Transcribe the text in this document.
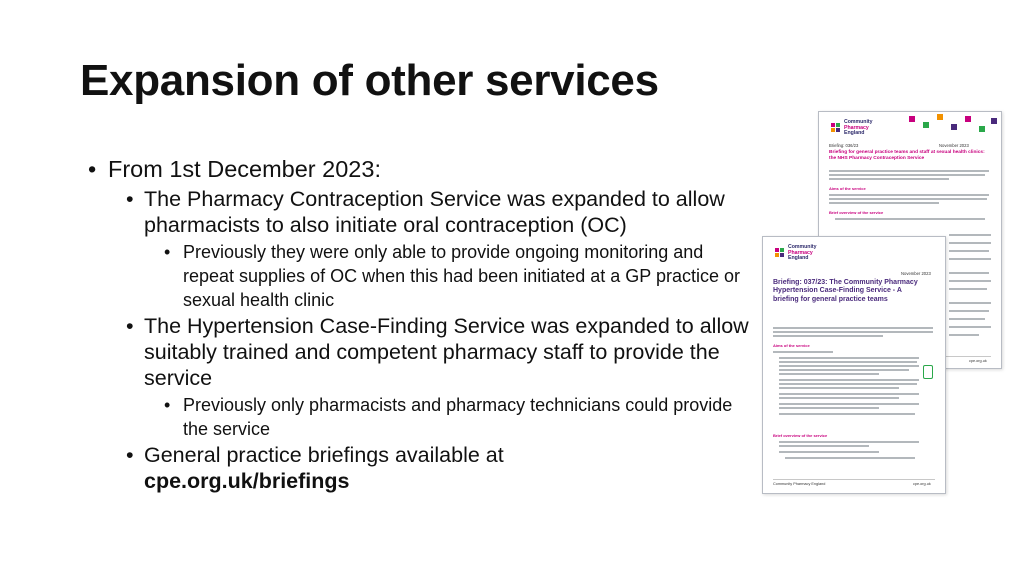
Expansion of other services
• From 1st December 2023:
• The Pharmacy Contraception Service was expanded to allow pharmacists to also initiate oral contraception (OC)
• Previously they were only able to provide ongoing monitoring and repeat supplies of OC when this had been initiated at a GP practice or sexual health clinic
• The Hypertension Case-Finding Service was expanded to allow suitably trained and competent pharmacy staff to provide the service
• Previously only pharmacists and pharmacy technicians could provide the service
• General practice briefings available at
cpe.org.uk/briefings
Community
Pharmacy
England
Briefing: 036/23	November 2023
Briefing for general practice teams and staff at sexual health clinics: the NHS Pharmacy Contraception Service
Aims of the service
Brief overview of the service
cpe.org.uk
Community
Pharmacy
England
November 2023
Briefing: 037/23: The Community Pharmacy Hypertension Case-Finding Service - A briefing for general practice teams
Aims of the service
Brief overview of the service
Community Pharmacy England	cpe.org.uk
